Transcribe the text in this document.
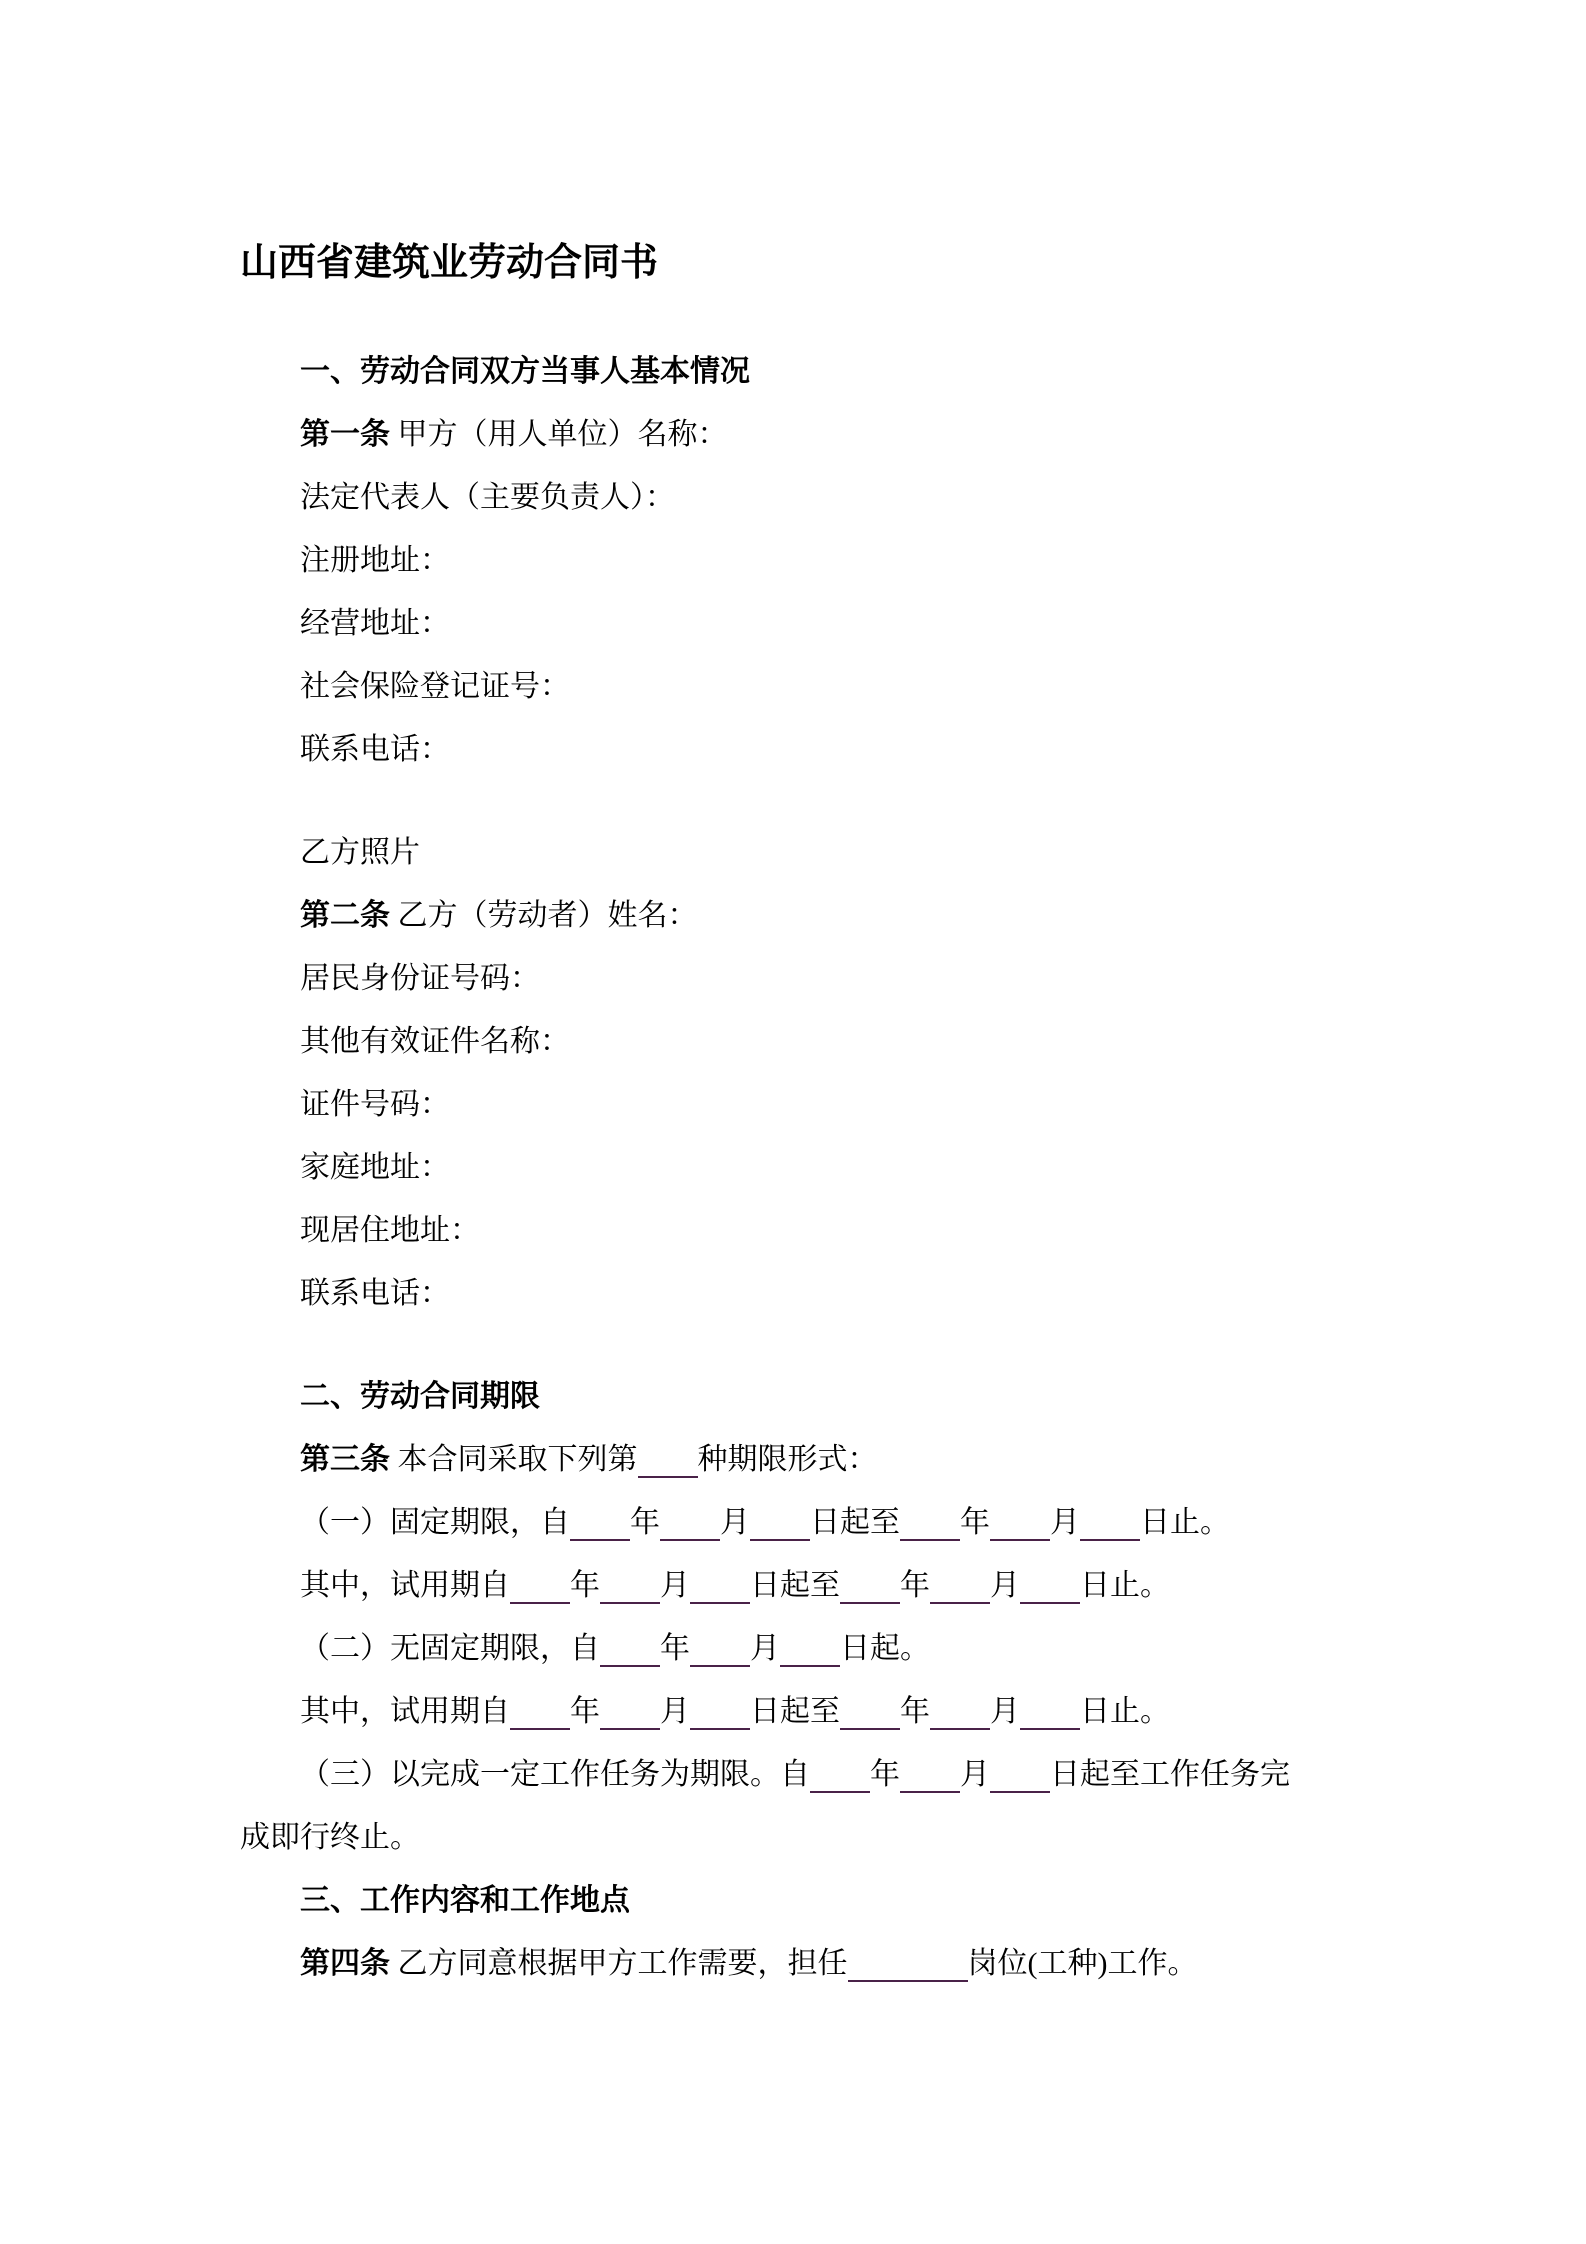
山西省建筑业劳动合同书

一、劳动合同双方当事人基本情况

第一条 甲方（用人单位）名称：

法定代表人（主要负责人）：

注册地址：

经营地址：

社会保险登记证号：

联系电话：

乙方照片

第二条 乙方（劳动者）姓名：

居民身份证号码：

其他有效证件名称：

证件号码：

家庭地址：

现居住地址：

联系电话：

二、劳动合同期限

第三条 本合同采取下列第 种期限形式：

（一）固定期限，自 年 月 日起至 年 月 日止。

其中，试用期自 年 月 日起至 年 月 日止。

（二）无固定期限，自 年 月 日起。

其中，试用期自 年 月 日起至 年 月 日止。

（三）以完成一定工作任务为期限。自 年 月 日起至工作任务完

成即行终止。

三、工作内容和工作地点

第四条 乙方同意根据甲方工作需要，担任	岗位(工种)工作。
